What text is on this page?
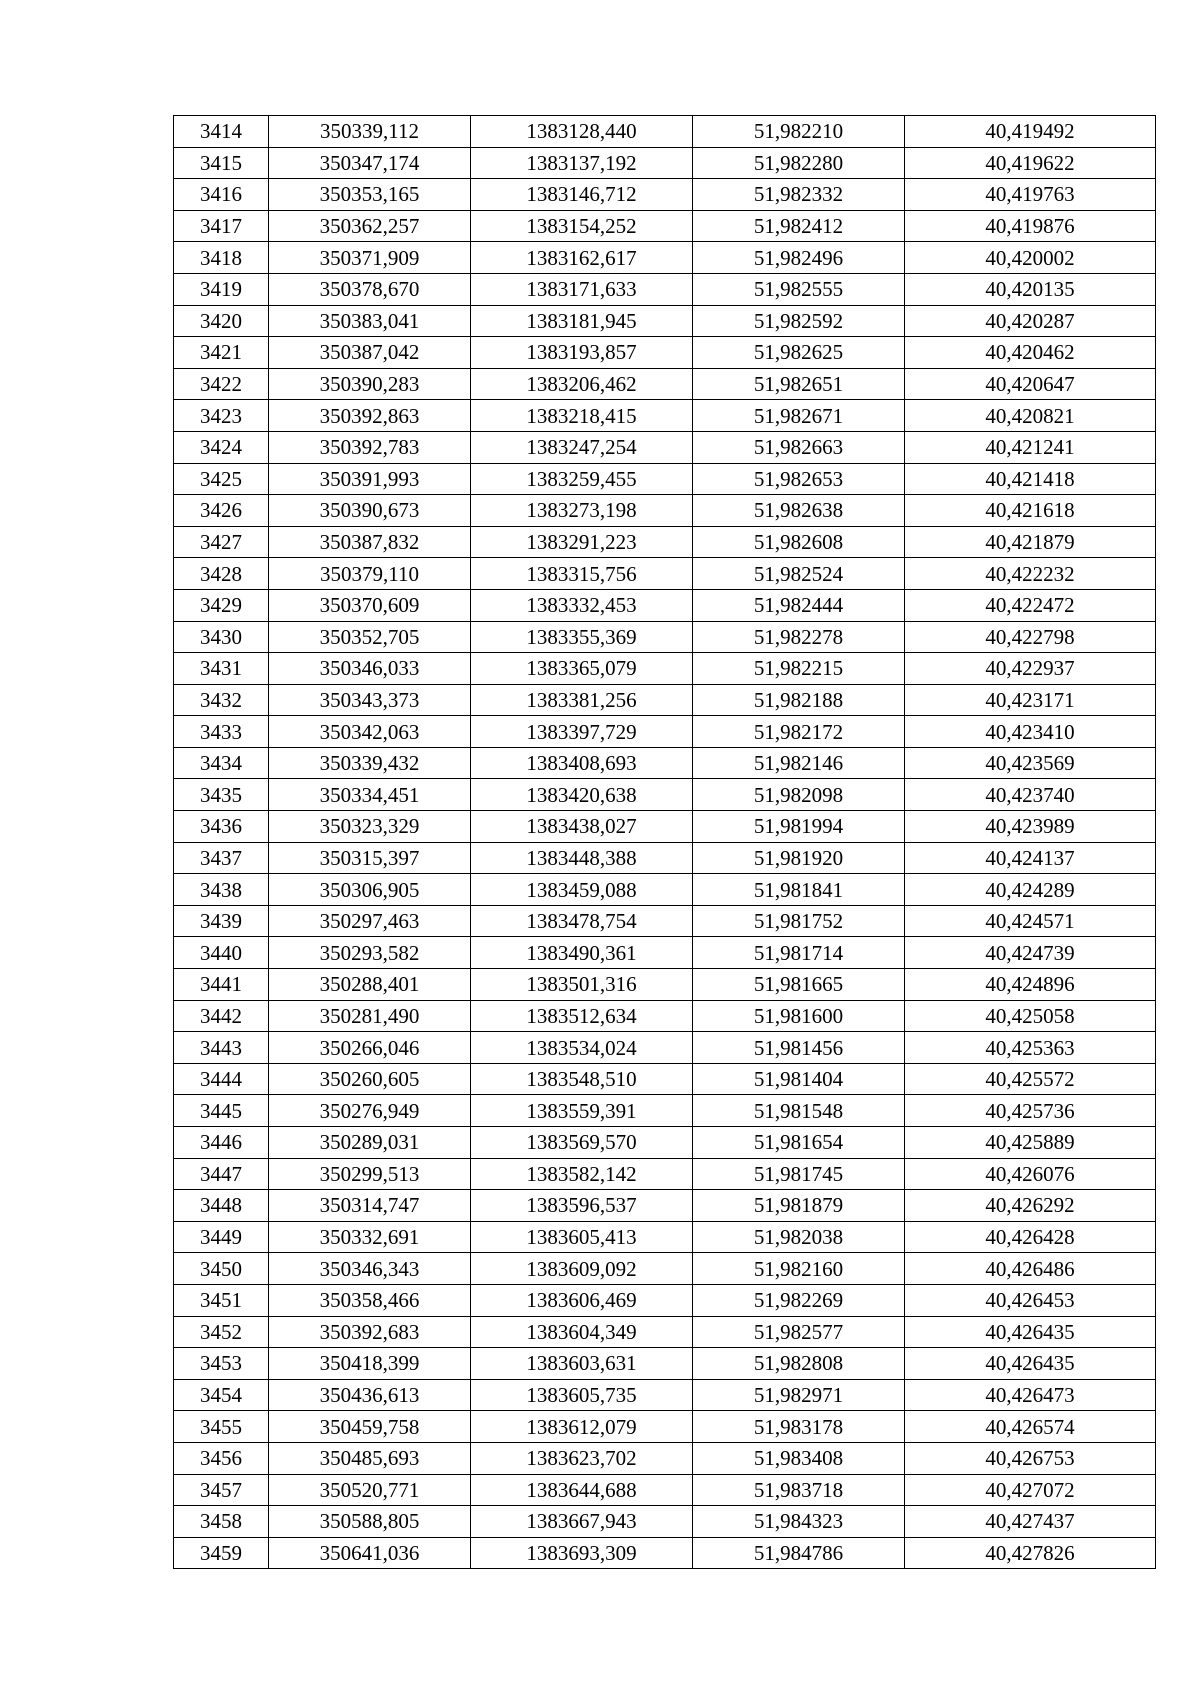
3414	350339,112	1383128,440	51,982210	40,419492
3415	350347,174	1383137,192	51,982280	40,419622
3416	350353,165	1383146,712	51,982332	40,419763
3417	350362,257	1383154,252	51,982412	40,419876
3418	350371,909	1383162,617	51,982496	40,420002
3419	350378,670	1383171,633	51,982555	40,420135
3420	350383,041	1383181,945	51,982592	40,420287
3421	350387,042	1383193,857	51,982625	40,420462
3422	350390,283	1383206,462	51,982651	40,420647
3423	350392,863	1383218,415	51,982671	40,420821
3424	350392,783	1383247,254	51,982663	40,421241
3425	350391,993	1383259,455	51,982653	40,421418
3426	350390,673	1383273,198	51,982638	40,421618
3427	350387,832	1383291,223	51,982608	40,421879
3428	350379,110	1383315,756	51,982524	40,422232
3429	350370,609	1383332,453	51,982444	40,422472
3430	350352,705	1383355,369	51,982278	40,422798
3431	350346,033	1383365,079	51,982215	40,422937
3432	350343,373	1383381,256	51,982188	40,423171
3433	350342,063	1383397,729	51,982172	40,423410
3434	350339,432	1383408,693	51,982146	40,423569
3435	350334,451	1383420,638	51,982098	40,423740
3436	350323,329	1383438,027	51,981994	40,423989
3437	350315,397	1383448,388	51,981920	40,424137
3438	350306,905	1383459,088	51,981841	40,424289
3439	350297,463	1383478,754	51,981752	40,424571
3440	350293,582	1383490,361	51,981714	40,424739
3441	350288,401	1383501,316	51,981665	40,424896
3442	350281,490	1383512,634	51,981600	40,425058
3443	350266,046	1383534,024	51,981456	40,425363
3444	350260,605	1383548,510	51,981404	40,425572
3445	350276,949	1383559,391	51,981548	40,425736
3446	350289,031	1383569,570	51,981654	40,425889
3447	350299,513	1383582,142	51,981745	40,426076
3448	350314,747	1383596,537	51,981879	40,426292
3449	350332,691	1383605,413	51,982038	40,426428
3450	350346,343	1383609,092	51,982160	40,426486
3451	350358,466	1383606,469	51,982269	40,426453
3452	350392,683	1383604,349	51,982577	40,426435
3453	350418,399	1383603,631	51,982808	40,426435
3454	350436,613	1383605,735	51,982971	40,426473
3455	350459,758	1383612,079	51,983178	40,426574
3456	350485,693	1383623,702	51,983408	40,426753
3457	350520,771	1383644,688	51,983718	40,427072
3458	350588,805	1383667,943	51,984323	40,427437
3459	350641,036	1383693,309	51,984786	40,427826
